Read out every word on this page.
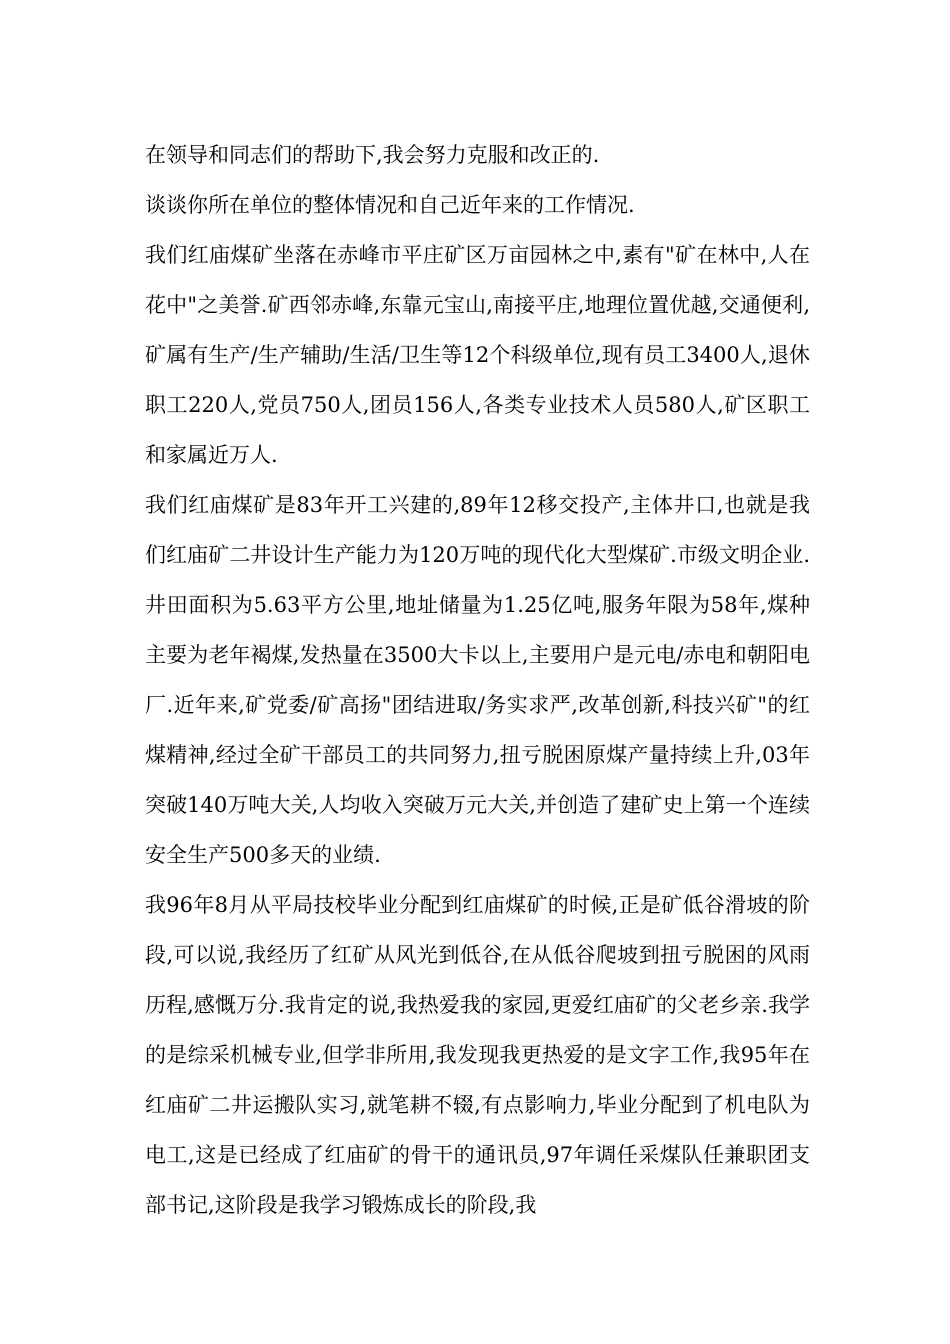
在领导和同志们的帮助下,我会努力克服和改正的.

谈谈你所在单位的整体情况和自己近年来的工作情况.

我们红庙煤矿坐落在赤峰市平庄矿区万亩园林之中,素有"矿在林中,人在花中"之美誉.矿西邻赤峰,东靠元宝山,南接平庄,地理位置优越,交通便利,矿属有生产/生产辅助/生活/卫生等12个科级单位,现有员工3400人,退休职工220人,党员750人,团员156人,各类专业技术人员580人,矿区职工和家属近万人.

我们红庙煤矿是83年开工兴建的,89年12移交投产,主体井口,也就是我们红庙矿二井设计生产能力为120万吨的现代化大型煤矿.市级文明企业.井田面积为5.63平方公里,地址储量为1.25亿吨,服务年限为58年,煤种主要为老年褐煤,发热量在3500大卡以上,主要用户是元电/赤电和朝阳电厂.近年来,矿党委/矿高扬"团结进取/务实求严,改革创新,科技兴矿"的红煤精神,经过全矿干部员工的共同努力,扭亏脱困原煤产量持续上升,03年突破140万吨大关,人均收入突破万元大关,并创造了建矿史上第一个连续安全生产500多天的业绩.

我96年8月从平局技校毕业分配到红庙煤矿的时候,正是矿低谷滑坡的阶段,可以说,我经历了红矿从风光到低谷,在从低谷爬坡到扭亏脱困的风雨历程,感慨万分.我肯定的说,我热爱我的家园,更爱红庙矿的父老乡亲.我学的是综采机械专业,但学非所用,我发现我更热爱的是文字工作,我95年在红庙矿二井运搬队实习,就笔耕不辍,有点影响力,毕业分配到了机电队为电工,这是已经成了红庙矿的骨干的通讯员,97年调任采煤队任兼职团支部书记,这阶段是我学习锻炼成长的阶段,我
